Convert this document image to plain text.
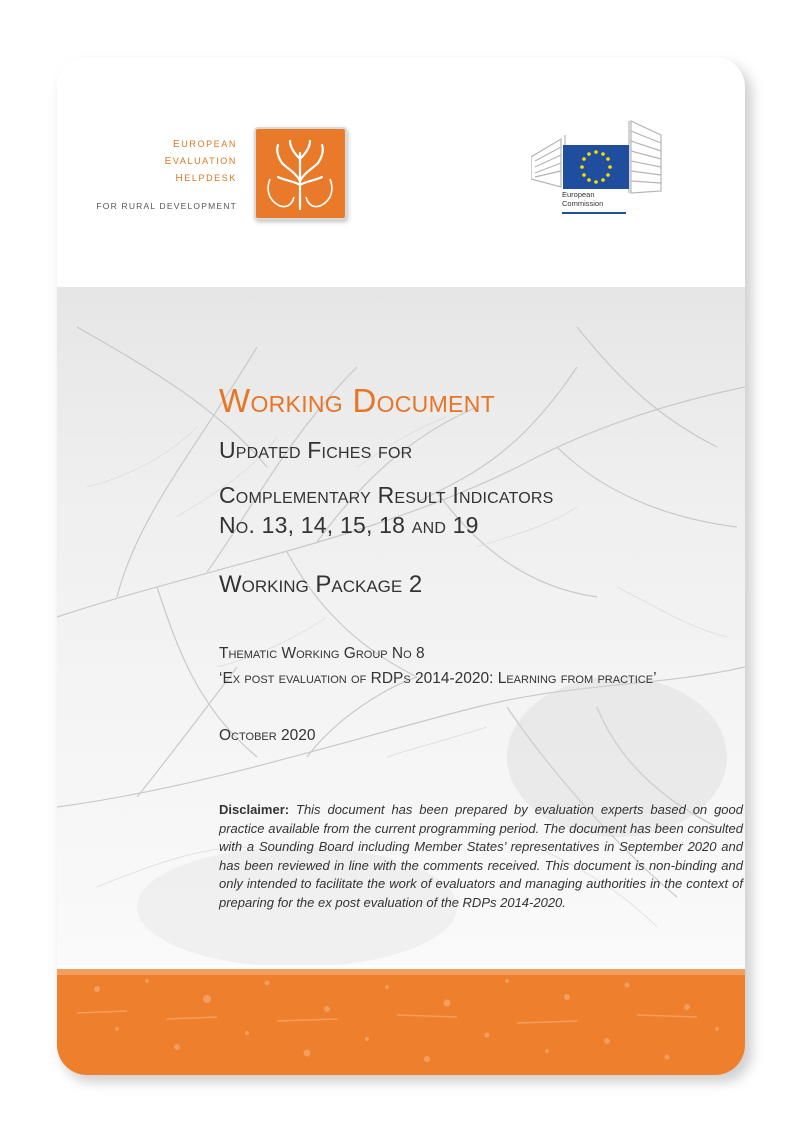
european
evaluation
helpdesk
FOR RURAL DEVELOPMENT
European
Commission
Working Document
Updated Fiches for
Complementary Result Indicators
No. 13, 14, 15, 18 and 19
Working Package 2
Thematic Working Group No 8
‘Ex post evaluation of RDPs 2014-2020: Learning from practice’
October 2020
Disclaimer: This document has been prepared by evaluation experts based on good practice available from the current programming period. The document has been consulted with a Sounding Board including Member States’ representatives in September 2020 and has been reviewed in line with the comments received. This document is non-binding and only intended to facilitate the work of evaluators and managing authorities in the context of preparing for the ex post evaluation of the RDPs 2014-2020.
